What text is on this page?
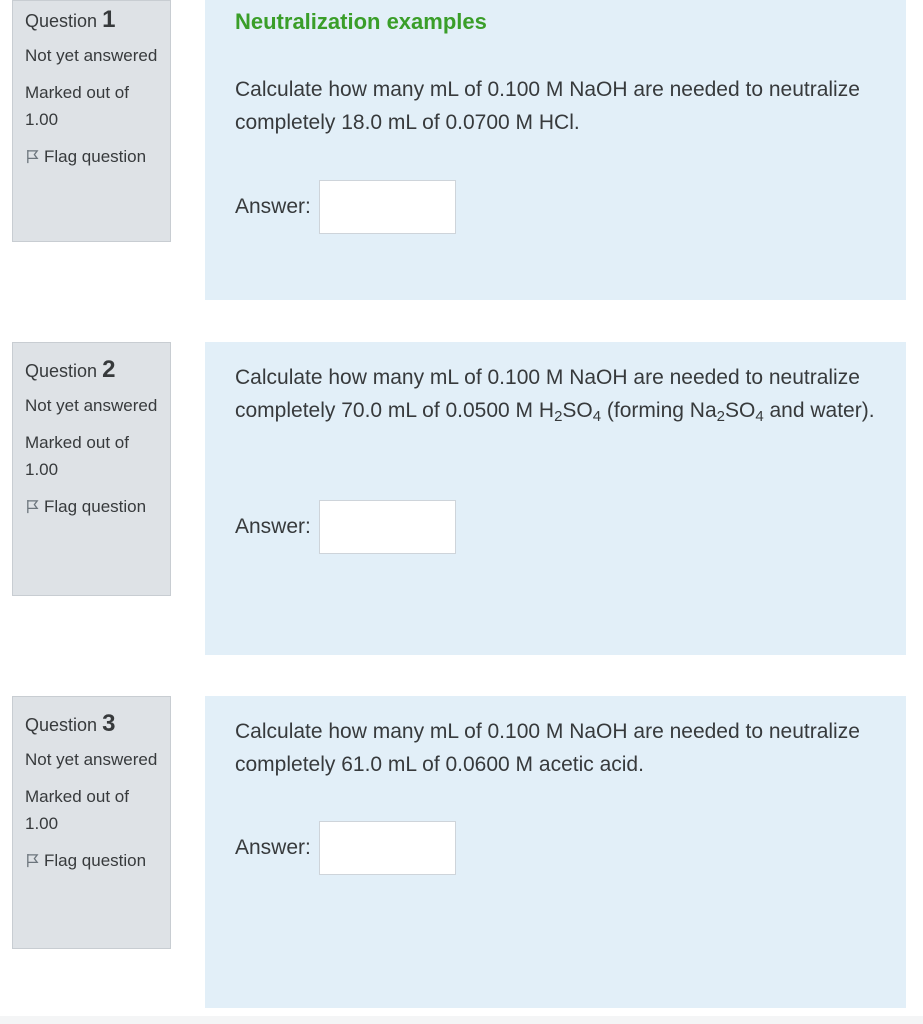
Question 1
Not yet answered
Marked out of 1.00
Flag question
Neutralization examples
Calculate how many mL of 0.100 M NaOH are needed to neutralize completely 18.0 mL of 0.0700 M HCl.
Answer:
Question 2
Not yet answered
Marked out of 1.00
Flag question
Calculate how many mL of 0.100 M NaOH are needed to neutralize completely 70.0 mL of 0.0500 M $H_2SO_4$ (forming $Na_2SO_4$ and water).
Answer:
Question 3
Not yet answered
Marked out of 1.00
Flag question
Calculate how many mL of 0.100 M NaOH are needed to neutralize completely 61.0 mL of 0.0600 M acetic acid.
Answer:
